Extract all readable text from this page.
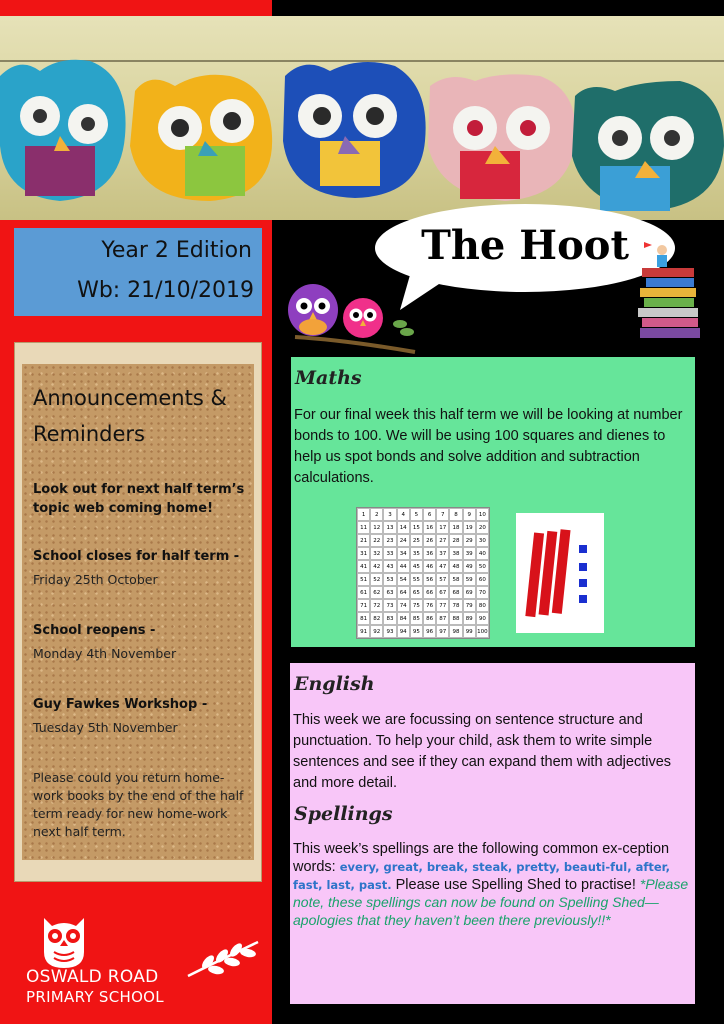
Year 2 Edition
Wb: 21/10/2019
The Hoot
Announcements & Reminders
Look out for next half term’s topic web coming home!
School closes for half term -
Friday 25th October
School reopens -
Monday 4th November
Guy Fawkes Workshop -
Tuesday 5th November
Please could you return home-work books by the end of the half term ready for new home-work next half term.
OSWALD ROAD
PRIMARY SCHOOL
Maths

For our final week this half term we will be looking at number bonds to 100. We will be using 100 squares and dienes to help us spot bonds and solve addition and subtraction calculations.

1	2	3	4	5	6	7	8	9	10
11	12	13	14	15	16	17	18	19	20
21	22	23	24	25	26	27	28	29	30
31	32	33	34	35	36	37	38	39	40
41	42	43	44	45	46	47	48	49	50
51	52	53	54	55	56	57	58	59	60
61	62	63	64	65	66	67	68	69	70
71	72	73	74	75	76	77	78	79	80
81	82	83	84	85	86	87	88	89	90
91	92	93	94	95	96	97	98	99 100
English
This week we are focussing on sentence structure and punctuation. To help your child, ask them to write simple sentences and see if they can expand them with adjectives and more detail.
Spellings
This week’s spellings are the following common ex-ception words: every, great, break, steak, pretty, beauti-ful, after, fast, last, past. Please use Spelling Shed to practise! *Please note, these spellings can now be found on Spelling Shed—apologies that they haven’t been there previously!!*
